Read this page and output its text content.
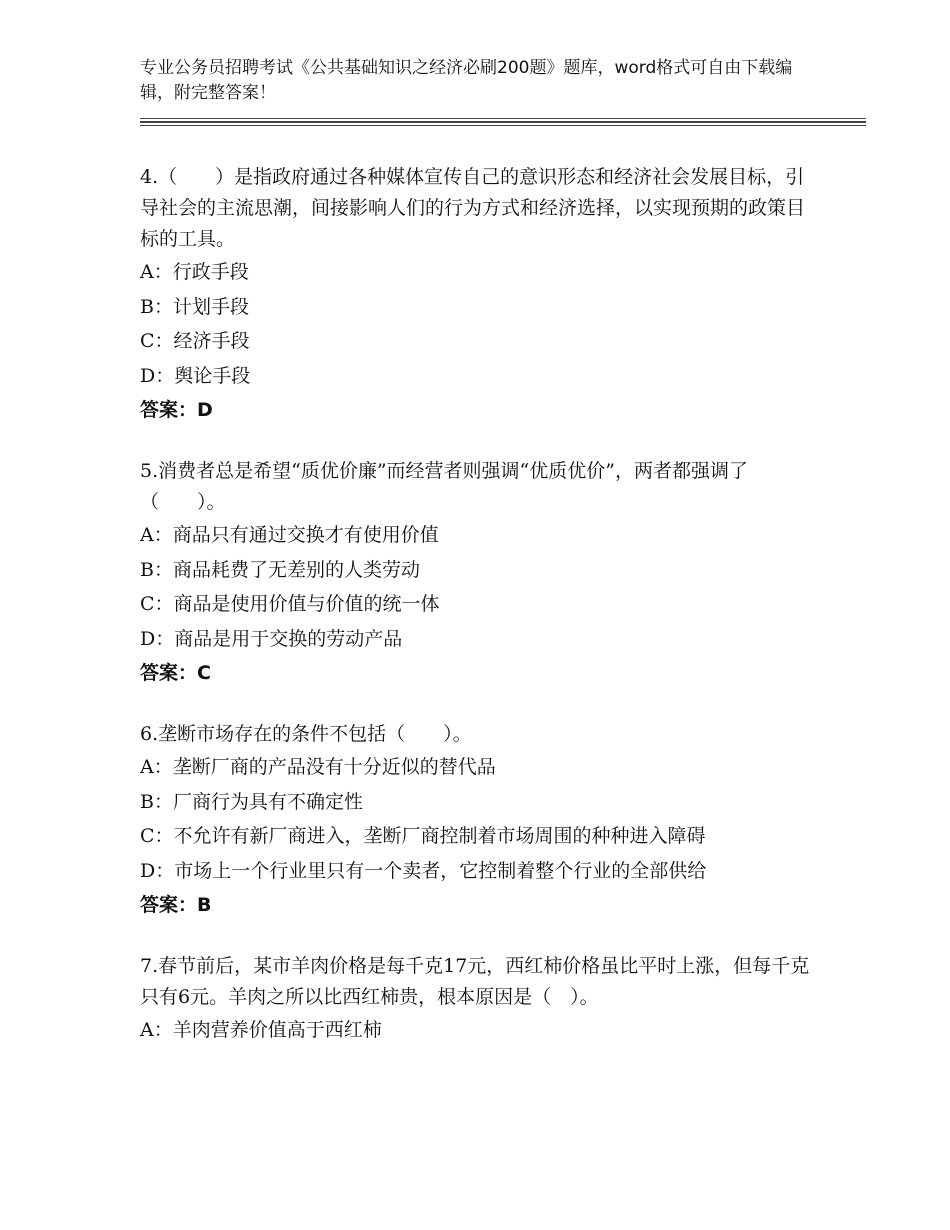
专业公务员招聘考试《公共基础知识之经济必刷200题》题库，word格式可自由下载编辑，附完整答案！
4.（　　）是指政府通过各种媒体宣传自己的意识形态和经济社会发展目标，引导社会的主流思潮，间接影响人们的行为方式和经济选择，以实现预期的政策目标的工具。
A：行政手段
B：计划手段
C：经济手段
D：舆论手段
答案：D
5.消费者总是希望“质优价廉”而经营者则强调“优质优价”，两者都强调了（　　）。
A：商品只有通过交换才有使用价值
B：商品耗费了无差别的人类劳动
C：商品是使用价值与价值的统一体
D：商品是用于交换的劳动产品
答案：C
6.垄断市场存在的条件不包括（　　）。
A：垄断厂商的产品没有十分近似的替代品
B：厂商行为具有不确定性
C：不允许有新厂商进入，垄断厂商控制着市场周围的种种进入障碍
D：市场上一个行业里只有一个卖者，它控制着整个行业的全部供给
答案：B
7.春节前后，某市羊肉价格是每千克17元，西红柿价格虽比平时上涨，但每千克只有6元。羊肉之所以比西红柿贵，根本原因是（　）。
A：羊肉营养价值高于西红柿
